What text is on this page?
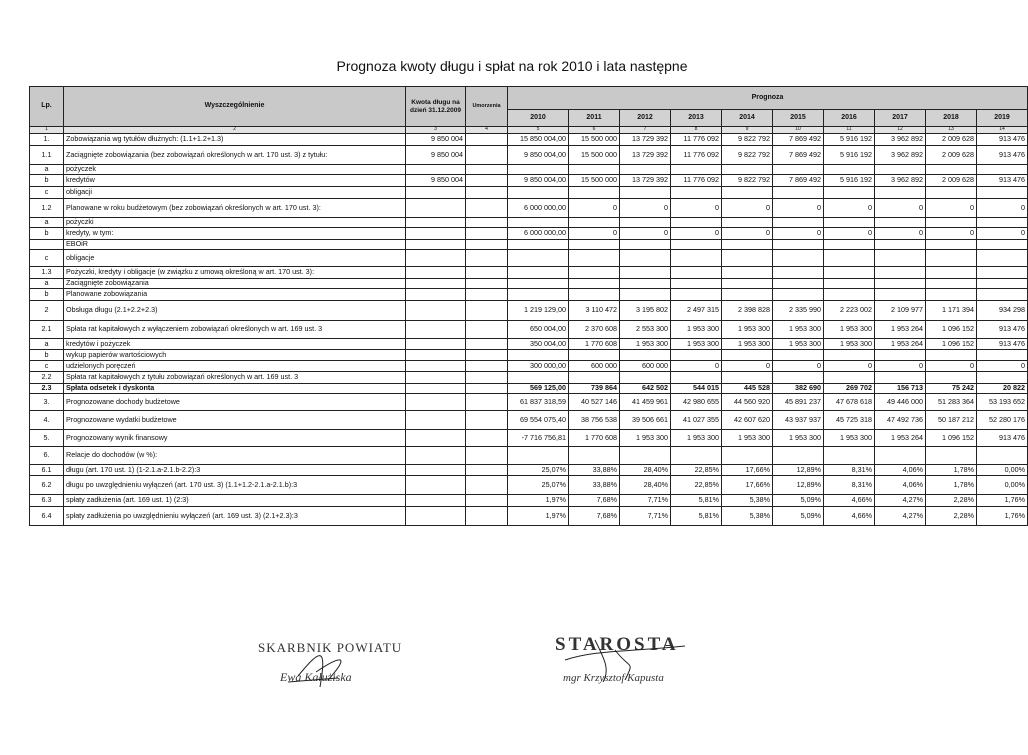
Prognoza kwoty długu i spłat na rok 2010 i lata następne
Lp.	Wyszczególnienie	Kwota długu na dzień 31.12.2009	Umorzenia	Prognoza									
				2010	2011	2012	2013	2014	2015	2016	2017	2018	2019
1	2	3	4	5	6	7	8	9	10	11	12	13	14
1.	Zobowiązania wg tytułów dłużnych: (1.1+1.2+1.3)	9 850 004		15 850 004,00	15 500 000	13 729 392	11 776 092	9 822 792	7 869 492	5 916 192	3 962 892	2 009 628	913 476
1.1	Zaciągnięte zobowiązania (bez zobowiązań określonych w art. 170 ust. 3) z tytułu:	9 850 004		9 850 004,00	15 500 000	13 729 392	11 776 092	9 822 792	7 869 492	5 916 192	3 962 892	2 009 628	913 476
a	pożyczek												
b	kredytów	9 850 004		9 850 004,00	15 500 000	13 729 392	11 776 092	9 822 792	7 869 492	5 916 192	3 962 892	2 009 628	913 476
c	obligacji												
1.2	Planowane w roku budżetowym (bez zobowiązań określonych w art. 170 ust. 3):			6 000 000,00	0	0	0	0	0	0	0	0	0
a	pożyczki												
b	kredyty, w tym:			6 000 000,00	0	0	0	0	0	0	0	0	0
	EBOiR												
c	obligacje												
1.3	Pożyczki, kredyty i obligacje (w związku z umową określoną w art. 170 ust. 3):												
a	Zaciągnięte zobowiązania												
b	Planowane zobowiązania												
2	Obsługa długu (2.1+2.2+2.3)			1 219 129,00	3 110 472	3 195 802	2 497 315	2 398 828	2 335 990	2 223 002	2 109 977	1 171 394	934 298
2.1	Spłata rat kapitałowych z wyłączeniem zobowiązań określonych w art. 169 ust. 3			650 004,00	2 370 608	2 553 300	1 953 300	1 953 300	1 953 300	1 953 300	1 953 264	1 096 152	913 476
a	kredytów i pożyczek			350 004,00	1 770 608	1 953 300	1 953 300	1 953 300	1 953 300	1 953 300	1 953 264	1 096 152	913 476
b	wykup papierów wartościowych												
c	udzielonych poręczeń			300 000,00	600 000	600 000	0	0	0	0	0	0	0
2.2	Spłata rat kapitałowych z tytułu zobowiązań określonych w art. 169 ust. 3												
2.3	Spłata odsetek i dyskonta			569 125,00	739 864	642 502	544 015	445 528	382 690	269 702	156 713	75 242	20 822
3.	Prognozowane dochody budżetowe			61 837 318,59	40 527 146	41 459 961	42 980 655	44 560 920	45 891 237	47 678 618	49 446 000	51 283 364	53 193 652
4.	Prognozowane wydatki budżetowe			69 554 075,40	38 756 538	39 506 661	41 027 355	42 607 620	43 937 937	45 725 318	47 492 736	50 187 212	52 280 176
5.	Prognozowany wynik finansowy			-7 716 756,81	1 770 608	1 953 300	1 953 300	1 953 300	1 953 300	1 953 300	1 953 264	1 096 152	913 476
6.	Relacje do dochodów (w %):												
6.1	długu (art. 170 ust. 1) (1-2.1.a-2.1.b-2.2):3			25,07%	33,88%	28,40%	22,85%	17,66%	12,89%	8,31%	4,06%	1,78%	0,00%
6.2	długu po uwzględnieniu wyłączeń (art. 170 ust. 3) (1.1+1.2-2.1.a-2.1.b):3			25,07%	33,88%	28,40%	22,85%	17,66%	12,89%	8,31%	4,06%	1,78%	0,00%
6.3	spłaty zadłużenia (art. 169 ust. 1) (2:3)			1,97%	7,68%	7,71%	5,81%	5,38%	5,09%	4,66%	4,27%	2,28%	1,76%
6.4	spłaty zadłużenia po uwzględnieniu wyłączeń (art. 169 ust. 3) (2.1+2.3):3			1,97%	7,68%	7,71%	5,81%	5,38%	5,09%	4,66%	4,27%	2,28%	1,76%
SKARBNIK POWIATU
Ewa Kałużiska
STAROSTA
mgr Krzysztof Kapusta
